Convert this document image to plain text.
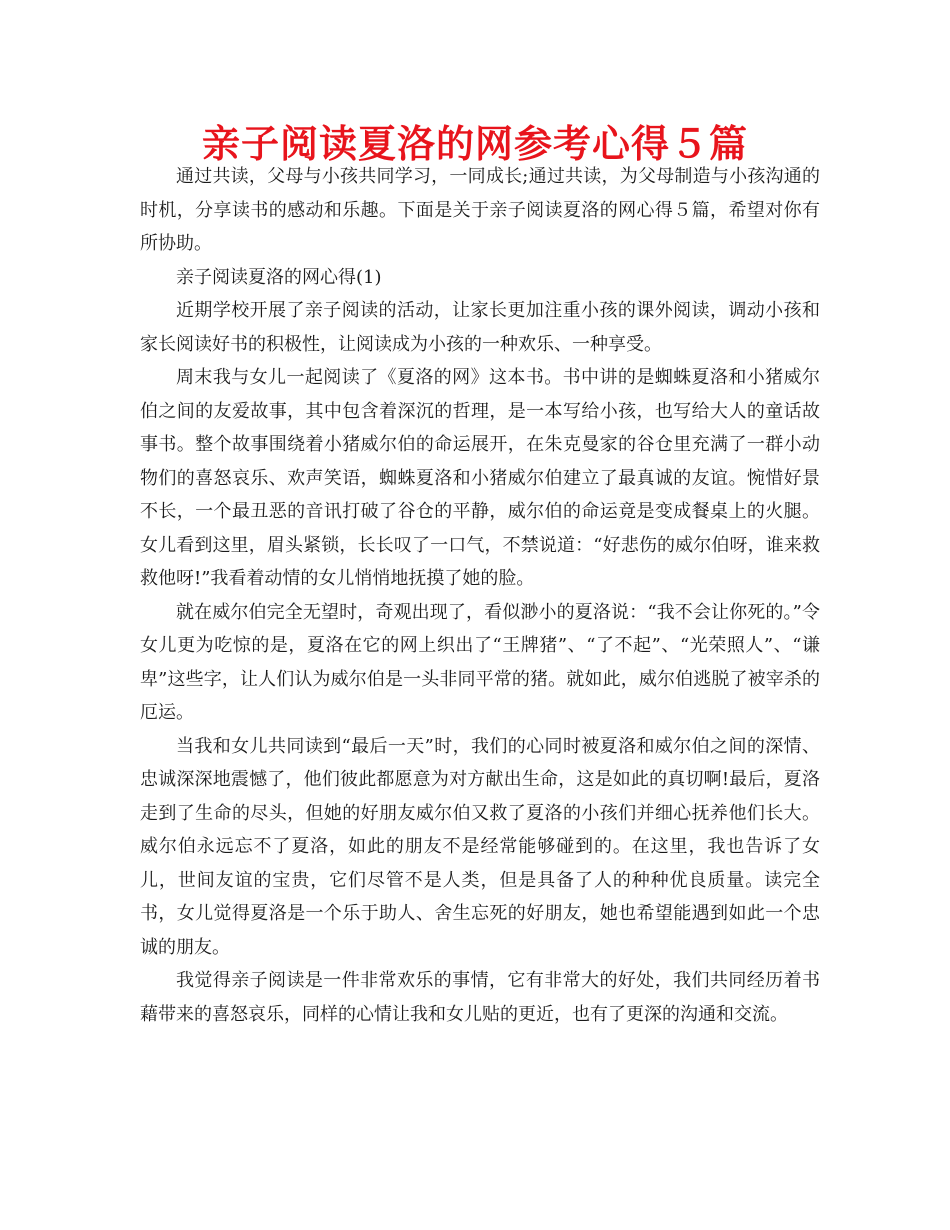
亲子阅读夏洛的网参考心得５篇

通过共读，父母与小孩共同学习，一同成长;通过共读，为父母制造与小孩沟通的时机，分享读书的感动和乐趣。下面是关于亲子阅读夏洛的网心得５篇，希望对你有所协助。

亲子阅读夏洛的网心得(1)

近期学校开展了亲子阅读的活动，让家长更加注重小孩的课外阅读，调动小孩和家长阅读好书的积极性，让阅读成为小孩的一种欢乐、一种享受。

周末我与女儿一起阅读了《夏洛的网》这本书。书中讲的是蜘蛛夏洛和小猪威尔伯之间的友爱故事，其中包含着深沉的哲理，是一本写给小孩，也写给大人的童话故事书。整个故事围绕着小猪威尔伯的命运展开，在朱克曼家的谷仓里充满了一群小动物们的喜怒哀乐、欢声笑语，蜘蛛夏洛和小猪威尔伯建立了最真诚的友谊。惋惜好景不长，一个最丑恶的音讯打破了谷仓的平静，威尔伯的命运竟是变成餐桌上的火腿。女儿看到这里，眉头紧锁，长长叹了一口气，不禁说道：“好悲伤的威尔伯呀，谁来救救他呀!”我看着动情的女儿悄悄地抚摸了她的脸。

就在威尔伯完全无望时，奇观出现了，看似渺小的夏洛说：“我不会让你死的。”令女儿更为吃惊的是，夏洛在它的网上织出了“王牌猪”、“了不起”、“光荣照人”、“谦卑”这些字，让人们认为威尔伯是一头非同平常的猪。就如此，威尔伯逃脱了被宰杀的厄运。

当我和女儿共同读到“最后一天”时，我们的心同时被夏洛和威尔伯之间的深情、忠诚深深地震憾了，他们彼此都愿意为对方献出生命，这是如此的真切啊!最后，夏洛走到了生命的尽头，但她的好朋友威尔伯又救了夏洛的小孩们并细心抚养他们长大。威尔伯永远忘不了夏洛，如此的朋友不是经常能够碰到的。在这里，我也告诉了女儿，世间友谊的宝贵，它们尽管不是人类，但是具备了人的种种优良质量。读完全书，女儿觉得夏洛是一个乐于助人、舍生忘死的好朋友，她也希望能遇到如此一个忠诚的朋友。

我觉得亲子阅读是一件非常欢乐的事情，它有非常大的好处，我们共同经历着书藉带来的喜怒哀乐，同样的心情让我和女儿贴的更近，也有了更深的沟通和交流。
